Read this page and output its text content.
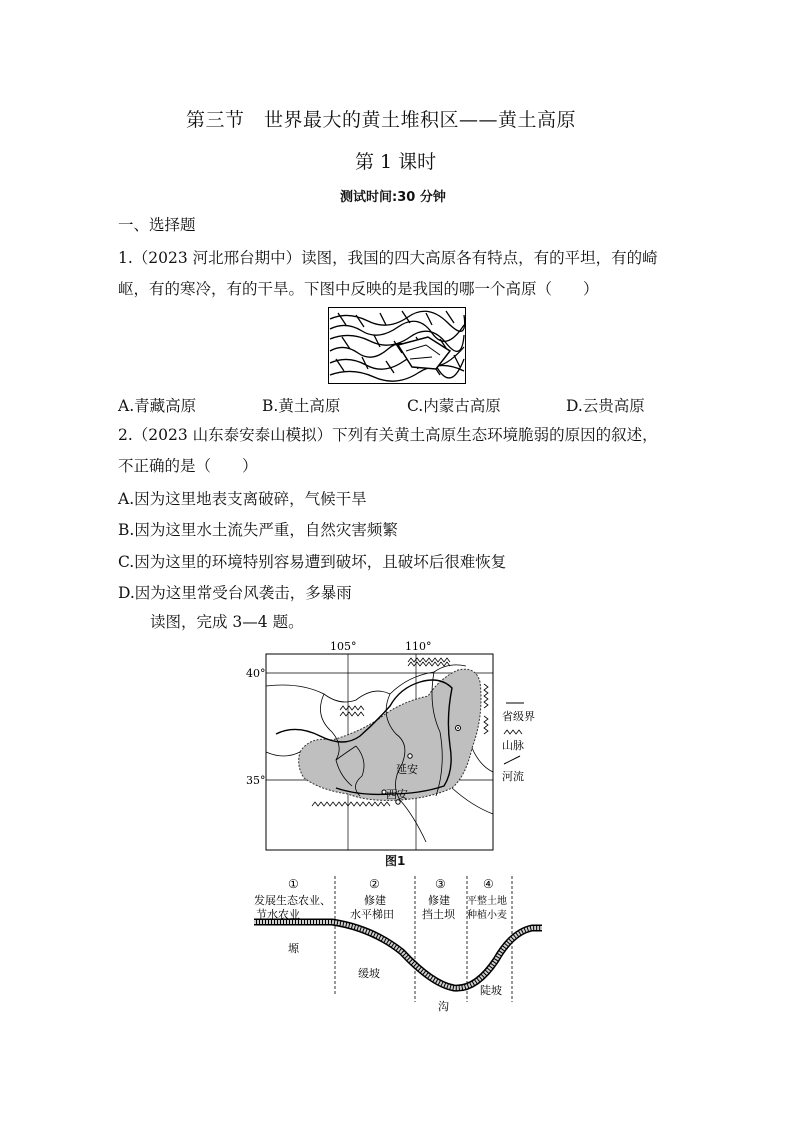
第三节　世界最大的黄土堆积区——黄土高原
第 1 课时
测试时间:30 分钟
一、选择题
1.（2023 河北邢台期中）读图，我国的四大高原各有特点，有的平坦，有的崎
岖，有的寒冷，有的干旱。下图中反映的是我国的哪一个高原（　　）
A.青藏高原	B.黄土高原	C.内蒙古高原	D.云贵高原
2.（2023 山东泰安泰山模拟）下列有关黄土高原生态环境脆弱的原因的叙述，
不正确的是（　　）
A.因为这里地表支离破碎，气候干旱
B.因为这里水土流失严重，自然灾害频繁
C.因为这里的环境特别容易遭到破坏，且破坏后很难恢复
D.因为这里常受台风袭击，多暴雨
读图，完成 3—4 题。
105°	110°
40°
35°
延安
西安
省级界
山脉
河流
图1
①	②	③	④
发展生态农业、
节水农业
修建
水平梯田
修建
挡土坝
平整土地
种植小麦
塬
缓坡
沟
陡坡
